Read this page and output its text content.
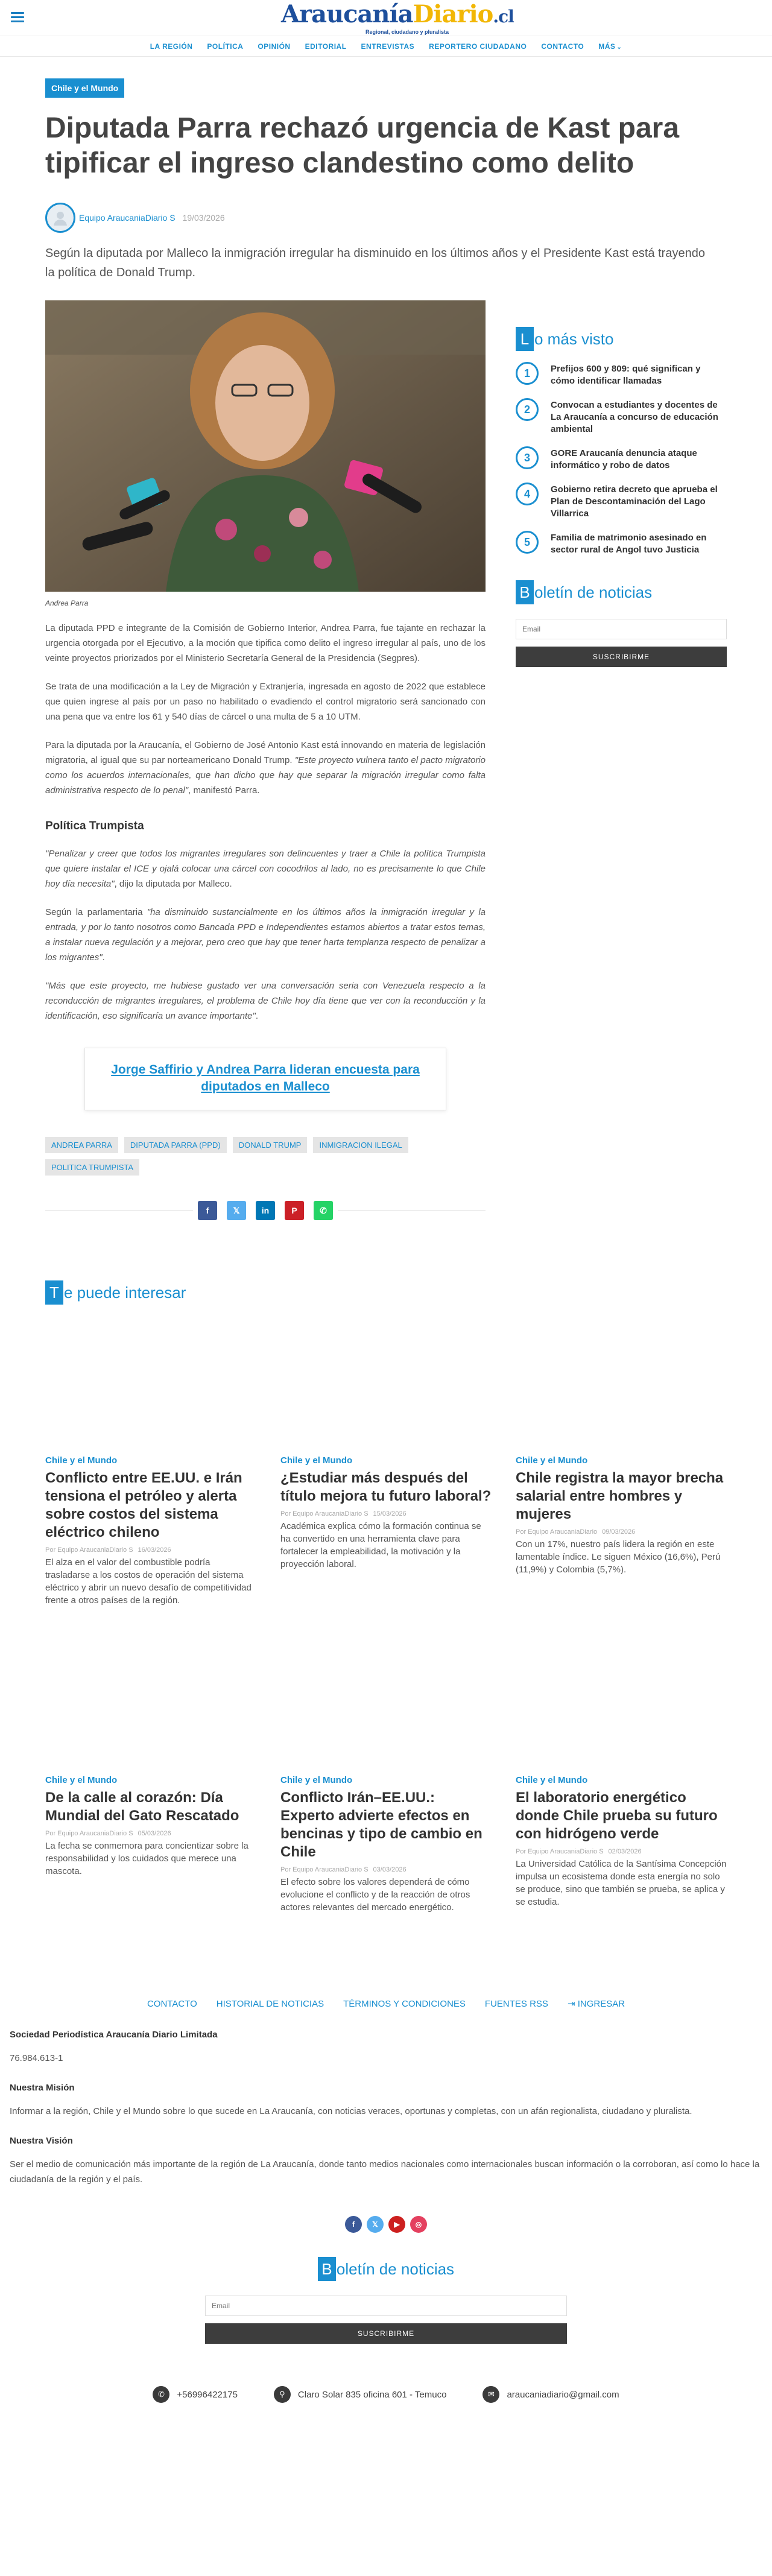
AraucaníaDiario.cl
Regional, ciudadano y pluralista
LA REGIÓN	POLÍTICA	OPINIÓN	EDITORIAL	ENTREVISTAS	REPORTERO CIUDADANO	CONTACTO	MÁS ⌄
Chile y el Mundo
Diputada Parra rechazó urgencia de Kast para tipificar el ingreso clandestino como delito
Equipo AraucaniaDiario S 19/03/2026

Según la diputada por Malleco la inmigración irregular ha disminuido en los últimos años y el Presidente Kast está trayendo la política de Donald Trump.

Andrea Parra

La diputada PPD e integrante de la Comisión de Gobierno Interior, Andrea Parra, fue tajante en rechazar la urgencia otorgada por el Ejecutivo, a la moción que tipifica como delito el ingreso irregular al país, uno de los veinte proyectos priorizados por el Ministerio Secretaría General de la Presidencia (Segpres).

Se trata de una modificación a la Ley de Migración y Extranjería, ingresada en agosto de 2022 que establece que quien ingrese al país por un paso no habilitado o evadiendo el control migratorio será sancionado con una pena que va entre los 61 y 540 días de cárcel o una multa de 5 a 10 UTM.

Para la diputada por la Araucanía, el Gobierno de José Antonio Kast está innovando en materia de legislación migratoria, al igual que su par norteamericano Donald Trump. "Este proyecto vulnera tanto el pacto migratorio como los acuerdos internacionales, que han dicho que hay que separar la migración irregular como falta administrativa respecto de lo penal", manifestó Parra.

Política Trumpista

"Penalizar y creer que todos los migrantes irregulares son delincuentes y traer a Chile la política Trumpista que quiere instalar el ICE y ojalá colocar una cárcel con cocodrilos al lado, no es precisamente lo que Chile hoy día necesita", dijo la diputada por Malleco.

Según la parlamentaria "ha disminuido sustancialmente en los últimos años la inmigración irregular y la entrada, y por lo tanto nosotros como Bancada PPD e Independientes estamos abiertos a tratar estos temas, a instalar nueva regulación y a mejorar, pero creo que hay que tener harta templanza respecto de penalizar a los migrantes".

"Más que este proyecto, me hubiese gustado ver una conversación seria con Venezuela respecto a la reconducción de migrantes irregulares, el problema de Chile hoy día tiene que ver con la reconducción y la identificación, eso significaría un avance importante".

Jorge Saffirio y Andrea Parra lideran encuesta para diputados en Malleco
ANDREA PARRA	DIPUTADA PARRA (PPD)	DONALD TRUMP	INMIGRACION ILEGAL
POLITICA TRUMPISTA
f	𝕏	in	P	✆
L o más visto
1	Prefijos 600 y 809: qué significan y cómo identificar llamadas
2	Convocan a estudiantes y docentes de La Araucanía a concurso de educación ambiental
3	GORE Araucanía denuncia ataque informático y robo de datos
4	Gobierno retira decreto que aprueba el Plan de Descontaminación del Lago Villarrica
5	Familia de matrimonio asesinado en sector rural de Angol tuvo Justicia
B oletín de noticias
Email SUSCRIBIRME
T e puede interesar
Chile y el Mundo
Conflicto entre EE.UU. e Irán tensiona el petróleo y alerta sobre costos del sistema eléctrico chileno
Por Equipo AraucaniaDiario S 16/03/2026
El alza en el valor del combustible podría trasladarse a los costos de operación del sistema eléctrico y abrir un nuevo desafío de competitividad frente a otros países de la región.
Chile y el Mundo
¿Estudiar más después del título mejora tu futuro laboral?
Por Equipo AraucaniaDiario S 15/03/2026
Académica explica cómo la formación continua se ha convertido en una herramienta clave para fortalecer la empleabilidad, la motivación y la proyección laboral.
Chile y el Mundo
Chile registra la mayor brecha salarial entre hombres y mujeres
Por Equipo AraucaniaDiario 09/03/2026
Con un 17%, nuestro país lidera la región en este lamentable índice. Le siguen México (16,6%), Perú (11,9%) y Colombia (5,7%).
Chile y el Mundo
De la calle al corazón: Día Mundial del Gato Rescatado
Por Equipo AraucaniaDiario S 05/03/2026
La fecha se conmemora para concientizar sobre la responsabilidad y los cuidados que merece una mascota.
Chile y el Mundo
Conflicto Irán–EE.UU.: Experto advierte efectos en bencinas y tipo de cambio en Chile
Por Equipo AraucaniaDiario S 03/03/2026
El efecto sobre los valores dependerá de cómo evolucione el conflicto y de la reacción de otros actores relevantes del mercado energético.
Chile y el Mundo
El laboratorio energético donde Chile prueba su futuro con hidrógeno verde
Por Equipo AraucaniaDiario S 02/03/2026
La Universidad Católica de la Santísima Concepción impulsa un ecosistema donde esta energía no solo se produce, sino que también se prueba, se aplica y se estudia.
CONTACTO HISTORIAL DE NOTICIAS TÉRMINOS Y CONDICIONES FUENTES RSS ⇥ INGRESAR
Sociedad Periodística Araucanía Diario Limitada
76.984.613-1
Nuestra Misión
Informar a la región, Chile y el Mundo sobre lo que sucede en La Araucanía, con noticias veraces, oportunas y completas, con un afán regionalista, ciudadano y pluralista.
Nuestra Visión
Ser el medio de comunicación más importante de la región de La Araucanía, donde tanto medios nacionales como internacionales buscan información o la corroboran, así como lo hace la ciudadanía de la región y el país.
f 𝕏 ▶ ◎
B oletín de noticias
Email SUSCRIBIRME
✆	+56996422175	⚲	Claro Solar 835 oficina 601 - Temuco	✉	araucaniadiario@gmail.com
